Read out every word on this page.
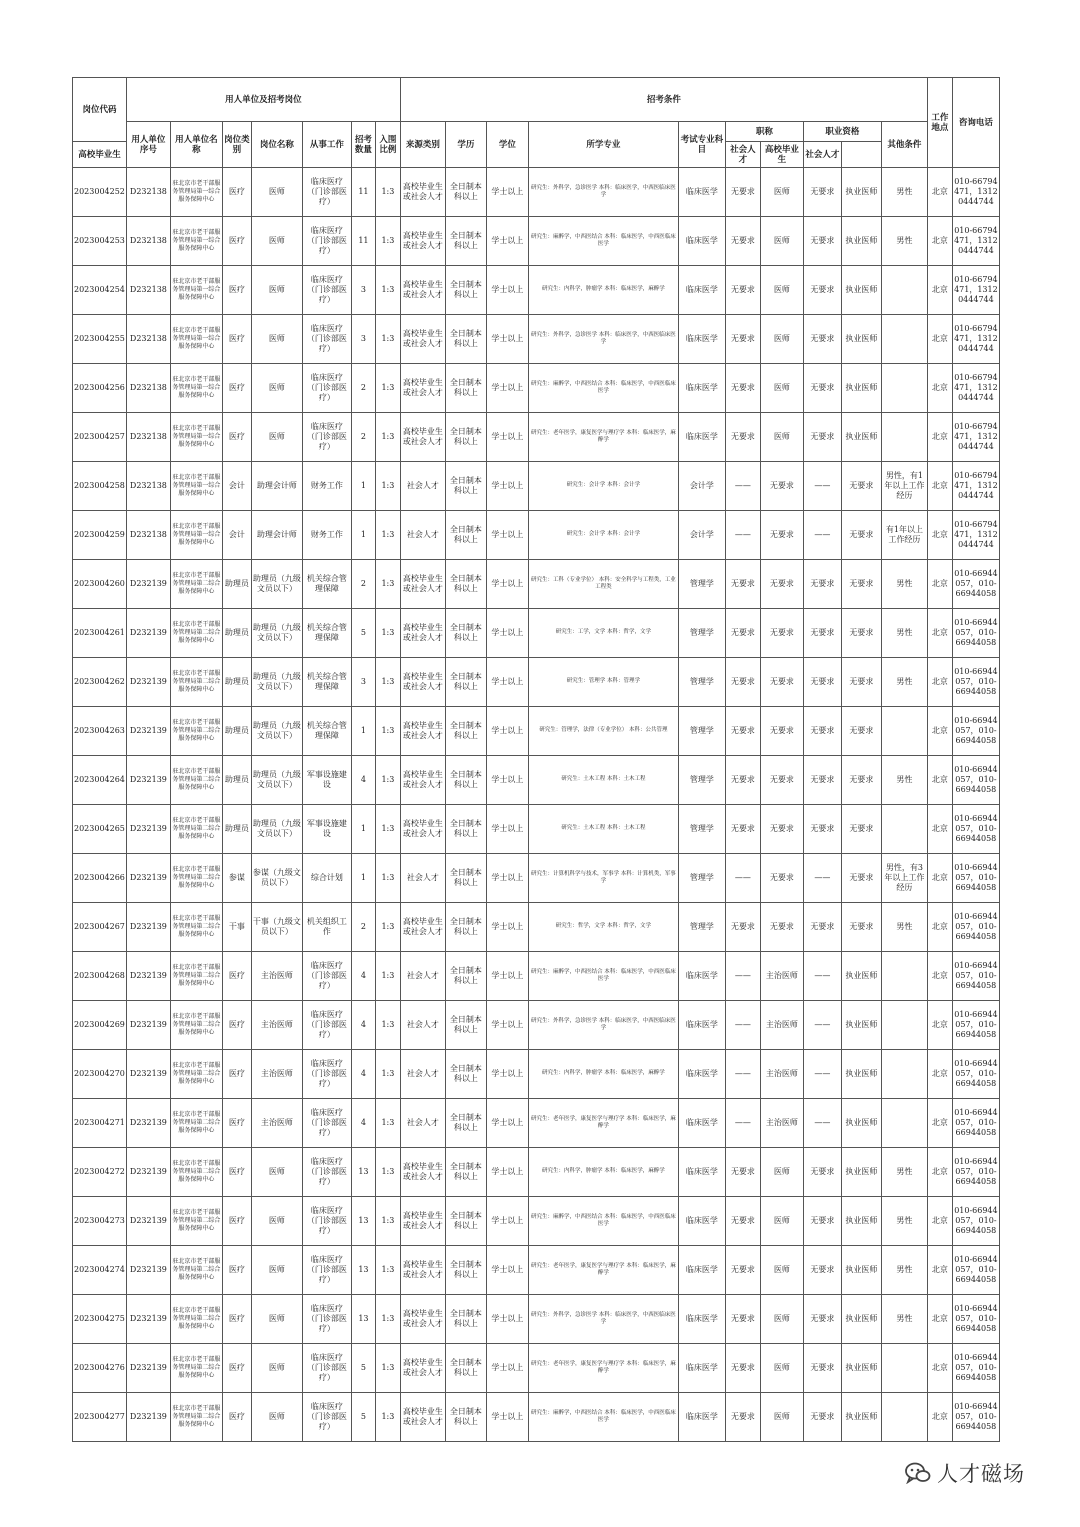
岗位代码	用人单位及招考岗位							招考条件										工作地点	咨询电话
	用人单位序号	用人单位名称	岗位类别	岗位名称	从事工作	招考数量	入围比例	来源类别	学历	学位	所学专业	考试专业科目	职称		职业资格		其他条件		
高校毕业生													社会人才	高校毕业生	社会人才				

2023004252	D232138	驻北京市老干部服务管理局第一综合服务保障中心	医疗	医师	临床医疗（门诊部医疗）	11	1:3	高校毕业生或社会人才	全日制本科以上	学士以上	研究生：外科学，急诊医学 本科：临床医学，中西医临床医学	临床医学	无要求	医师	无要求	执业医师	男性	北京	010-66794471，13120444744
2023004253	D232138	驻北京市老干部服务管理局第一综合服务保障中心	医疗	医师	临床医疗（门诊部医疗）	11	1:3	高校毕业生或社会人才	全日制本科以上	学士以上	研究生：麻醉学，中西医结合 本科：临床医学，中西医临床医学	临床医学	无要求	医师	无要求	执业医师	男性	北京	010-66794471，13120444744
2023004254	D232138	驻北京市老干部服务管理局第一综合服务保障中心	医疗	医师	临床医疗（门诊部医疗）	3	1:3	高校毕业生或社会人才	全日制本科以上	学士以上	研究生：内科学，肿瘤学 本科：临床医学，麻醉学	临床医学	无要求	医师	无要求	执业医师		北京	010-66794471，13120444744
2023004255	D232138	驻北京市老干部服务管理局第一综合服务保障中心	医疗	医师	临床医疗（门诊部医疗）	3	1:3	高校毕业生或社会人才	全日制本科以上	学士以上	研究生：外科学，急诊医学 本科：临床医学，中西医临床医学	临床医学	无要求	医师	无要求	执业医师		北京	010-66794471，13120444744
2023004256	D232138	驻北京市老干部服务管理局第一综合服务保障中心	医疗	医师	临床医疗（门诊部医疗）	2	1:3	高校毕业生或社会人才	全日制本科以上	学士以上	研究生：麻醉学，中西医结合 本科：临床医学，中西医临床医学	临床医学	无要求	医师	无要求	执业医师		北京	010-66794471，13120444744
2023004257	D232138	驻北京市老干部服务管理局第一综合服务保障中心	医疗	医师	临床医疗（门诊部医疗）	2	1:3	高校毕业生或社会人才	全日制本科以上	学士以上	研究生：老年医学，康复医学与理疗学 本科：临床医学，麻醉学	临床医学	无要求	医师	无要求	执业医师		北京	010-66794471，13120444744
2023004258	D232138	驻北京市老干部服务管理局第一综合服务保障中心	会计	助理会计师	财务工作	1	1:3	社会人才	全日制本科以上	学士以上	研究生：会计学 本科：会计学	会计学	——	无要求	——	无要求	男性，有1年以上工作经历	北京	010-66794471，13120444744
2023004259	D232138	驻北京市老干部服务管理局第一综合服务保障中心	会计	助理会计师	财务工作	1	1:3	社会人才	全日制本科以上	学士以上	研究生：会计学 本科：会计学	会计学	——	无要求	——	无要求	有1年以上工作经历	北京	010-66794471，13120444744
2023004260	D232139	驻北京市老干部服务管理局第二综合服务保障中心	助理员	助理员（九级文员以下）	机关综合管理保障	2	1:3	高校毕业生或社会人才	全日制本科以上	学士以上	研究生：工科（专业学位） 本科：安全科学与工程类，工业工程类	管理学	无要求	无要求	无要求	无要求	男性	北京	010-66944057，010-66944058
2023004261	D232139	驻北京市老干部服务管理局第二综合服务保障中心	助理员	助理员（九级文员以下）	机关综合管理保障	5	1:3	高校毕业生或社会人才	全日制本科以上	学士以上	研究生：工学，文学 本科：哲学，文学	管理学	无要求	无要求	无要求	无要求	男性	北京	010-66944057，010-66944058
2023004262	D232139	驻北京市老干部服务管理局第二综合服务保障中心	助理员	助理员（九级文员以下）	机关综合管理保障	3	1:3	高校毕业生或社会人才	全日制本科以上	学士以上	研究生：管理学 本科：管理学	管理学	无要求	无要求	无要求	无要求	男性	北京	010-66944057，010-66944058
2023004263	D232139	驻北京市老干部服务管理局第二综合服务保障中心	助理员	助理员（九级文员以下）	机关综合管理保障	1	1:3	高校毕业生或社会人才	全日制本科以上	学士以上	研究生：管理学，法律（专业学位） 本科：公共管理	管理学	无要求	无要求	无要求	无要求		北京	010-66944057，010-66944058
2023004264	D232139	驻北京市老干部服务管理局第二综合服务保障中心	助理员	助理员（九级文员以下）	军事设施建设	4	1:3	高校毕业生或社会人才	全日制本科以上	学士以上	研究生：土木工程 本科：土木工程	管理学	无要求	无要求	无要求	无要求	男性	北京	010-66944057，010-66944058
2023004265	D232139	驻北京市老干部服务管理局第二综合服务保障中心	助理员	助理员（九级文员以下）	军事设施建设	1	1:3	高校毕业生或社会人才	全日制本科以上	学士以上	研究生：土木工程 本科：土木工程	管理学	无要求	无要求	无要求	无要求		北京	010-66944057，010-66944058
2023004266	D232139	驻北京市老干部服务管理局第二综合服务保障中心	参谋	参谋（九级文员以下）	综合计划	1	1:3	社会人才	全日制本科以上	学士以上	研究生：计算机科学与技术，军事学 本科：计算机类，军事学	管理学	——	无要求	——	无要求	男性，有3年以上工作经历	北京	010-66944057，010-66944058
2023004267	D232139	驻北京市老干部服务管理局第二综合服务保障中心	干事	干事（九级文员以下）	机关组织工作	2	1:3	高校毕业生或社会人才	全日制本科以上	学士以上	研究生：哲学，文学 本科：哲学，文学	管理学	无要求	无要求	无要求	无要求	男性	北京	010-66944057，010-66944058
2023004268	D232139	驻北京市老干部服务管理局第二综合服务保障中心	医疗	主治医师	临床医疗（门诊部医疗）	4	1:3	社会人才	全日制本科以上	学士以上	研究生：麻醉学，中西医结合 本科：临床医学，中西医临床医学	临床医学	——	主治医师	——	执业医师		北京	010-66944057，010-66944058
2023004269	D232139	驻北京市老干部服务管理局第二综合服务保障中心	医疗	主治医师	临床医疗（门诊部医疗）	4	1:3	社会人才	全日制本科以上	学士以上	研究生：外科学，急诊医学 本科：临床医学，中西医临床医学	临床医学	——	主治医师	——	执业医师		北京	010-66944057，010-66944058
2023004270	D232139	驻北京市老干部服务管理局第二综合服务保障中心	医疗	主治医师	临床医疗（门诊部医疗）	4	1:3	社会人才	全日制本科以上	学士以上	研究生：内科学，肿瘤学 本科：临床医学，麻醉学	临床医学	——	主治医师	——	执业医师		北京	010-66944057，010-66944058
2023004271	D232139	驻北京市老干部服务管理局第二综合服务保障中心	医疗	主治医师	临床医疗（门诊部医疗）	4	1:3	社会人才	全日制本科以上	学士以上	研究生：老年医学，康复医学与理疗学 本科：临床医学，麻醉学	临床医学	——	主治医师	——	执业医师		北京	010-66944057，010-66944058
2023004272	D232139	驻北京市老干部服务管理局第二综合服务保障中心	医疗	医师	临床医疗（门诊部医疗）	13	1:3	高校毕业生或社会人才	全日制本科以上	学士以上	研究生：内科学，肿瘤学 本科：临床医学，麻醉学	临床医学	无要求	医师	无要求	执业医师	男性	北京	010-66944057，010-66944058
2023004273	D232139	驻北京市老干部服务管理局第二综合服务保障中心	医疗	医师	临床医疗（门诊部医疗）	13	1:3	高校毕业生或社会人才	全日制本科以上	学士以上	研究生：麻醉学，中西医结合 本科：临床医学，中西医临床医学	临床医学	无要求	医师	无要求	执业医师	男性	北京	010-66944057，010-66944058
2023004274	D232139	驻北京市老干部服务管理局第二综合服务保障中心	医疗	医师	临床医疗（门诊部医疗）	13	1:3	高校毕业生或社会人才	全日制本科以上	学士以上	研究生：老年医学，康复医学与理疗学 本科：临床医学，麻醉学	临床医学	无要求	医师	无要求	执业医师	男性	北京	010-66944057，010-66944058
2023004275	D232139	驻北京市老干部服务管理局第二综合服务保障中心	医疗	医师	临床医疗（门诊部医疗）	13	1:3	高校毕业生或社会人才	全日制本科以上	学士以上	研究生：外科学，急诊医学 本科：临床医学，中西医临床医学	临床医学	无要求	医师	无要求	执业医师	男性	北京	010-66944057，010-66944058
2023004276	D232139	驻北京市老干部服务管理局第二综合服务保障中心	医疗	医师	临床医疗（门诊部医疗）	5	1:3	高校毕业生或社会人才	全日制本科以上	学士以上	研究生：老年医学，康复医学与理疗学 本科：临床医学，麻醉学	临床医学	无要求	医师	无要求	执业医师		北京	010-66944057，010-66944058
2023004277	D232139	驻北京市老干部服务管理局第二综合服务保障中心	医疗	医师	临床医疗（门诊部医疗）	5	1:3	高校毕业生或社会人才	全日制本科以上	学士以上	研究生：麻醉学，中西医结合 本科：临床医学，中西医临床医学	临床医学	无要求	医师	无要求	执业医师		北京	010-66944057，010-66944058
人才磁场
